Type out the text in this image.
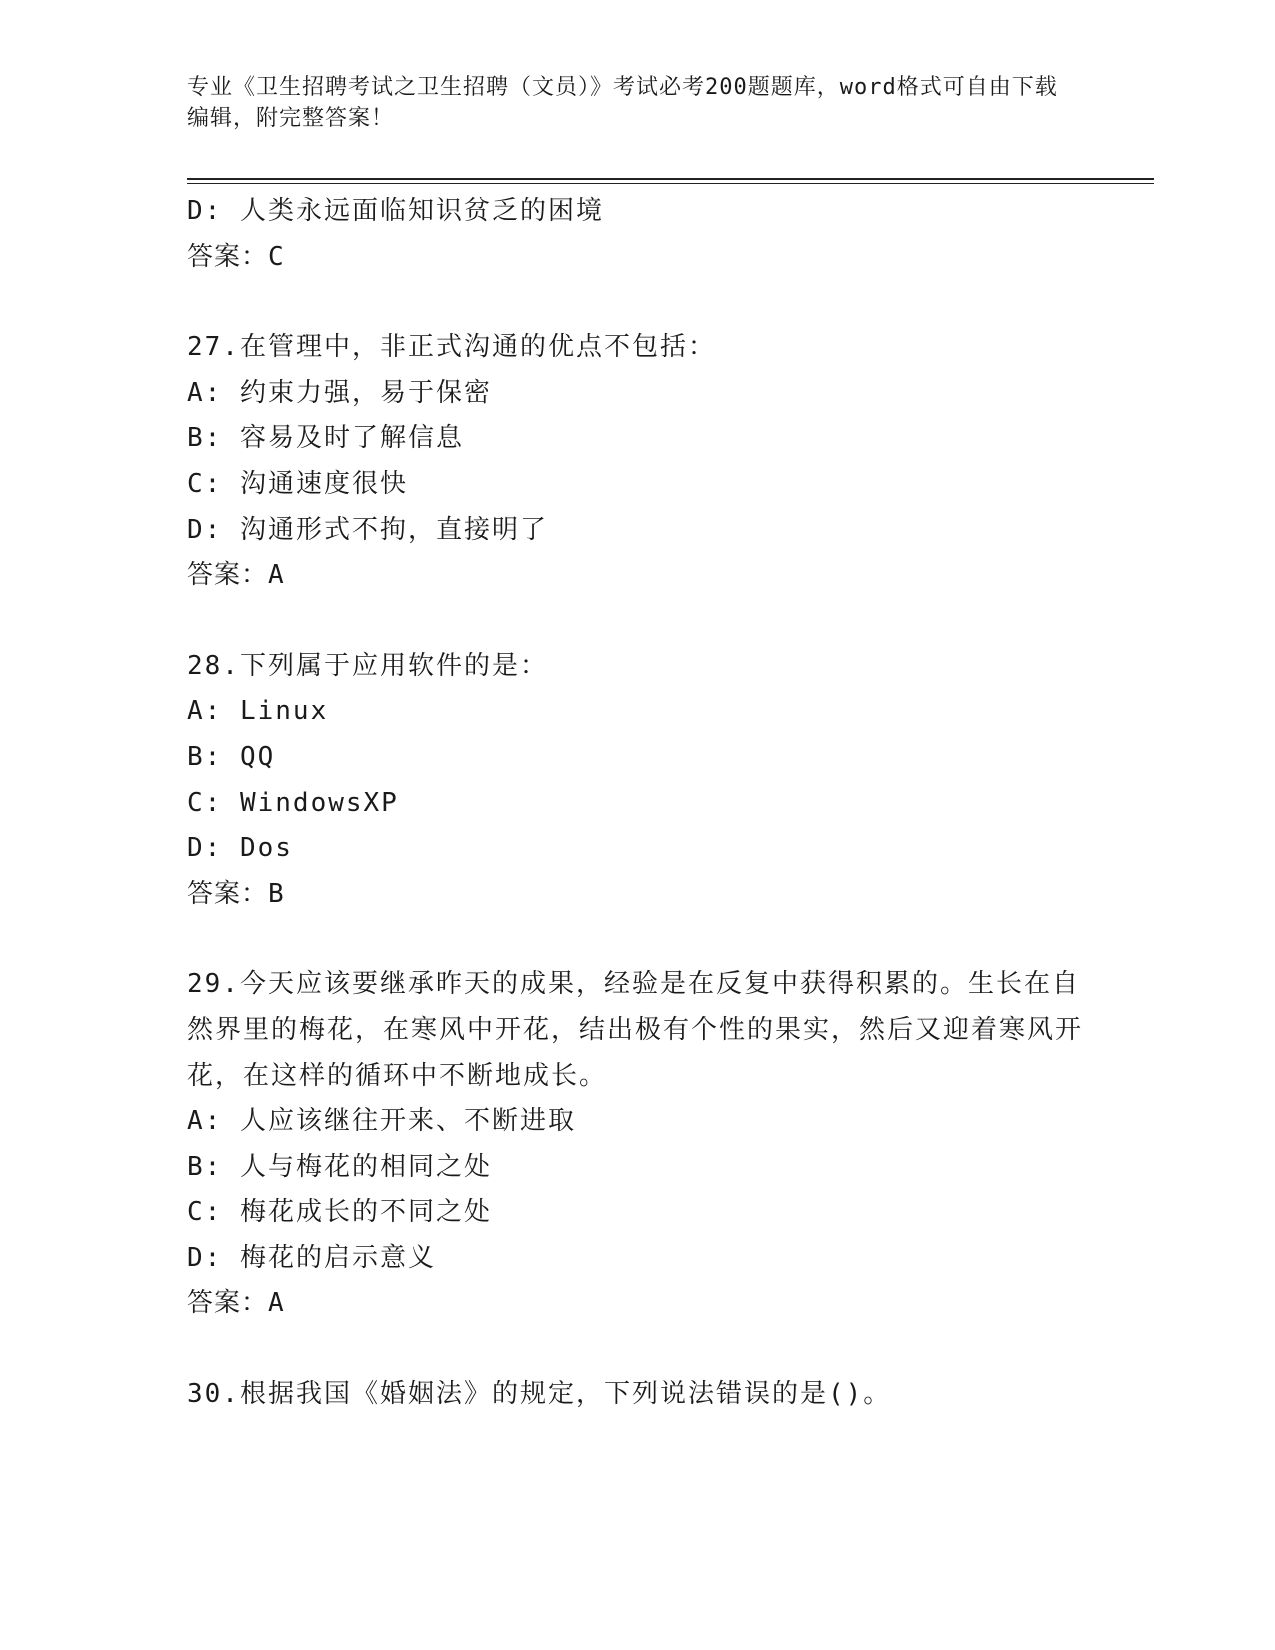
专业《卫生招聘考试之卫生招聘（文员）》考试必考200题题库，word格式可自由下载编辑，附完整答案！
D: 人类永远面临知识贫乏的困境
答案：C
27.在管理中，非正式沟通的优点不包括：
A: 约束力强，易于保密
B: 容易及时了解信息
C: 沟通速度很快
D: 沟通形式不拘，直接明了
答案：A
28.下列属于应用软件的是：
A: Linux
B: QQ
C: WindowsXP
D: Dos
答案：B
29.今天应该要继承昨天的成果，经验是在反复中获得积累的。生长在自然界里的梅花，在寒风中开花，结出极有个性的果实，然后又迎着寒风开花，在这样的循环中不断地成长。
A: 人应该继往开来、不断进取
B: 人与梅花的相同之处
C: 梅花成长的不同之处
D: 梅花的启示意义
答案：A
30.根据我国《婚姻法》的规定，下列说法错误的是()。
